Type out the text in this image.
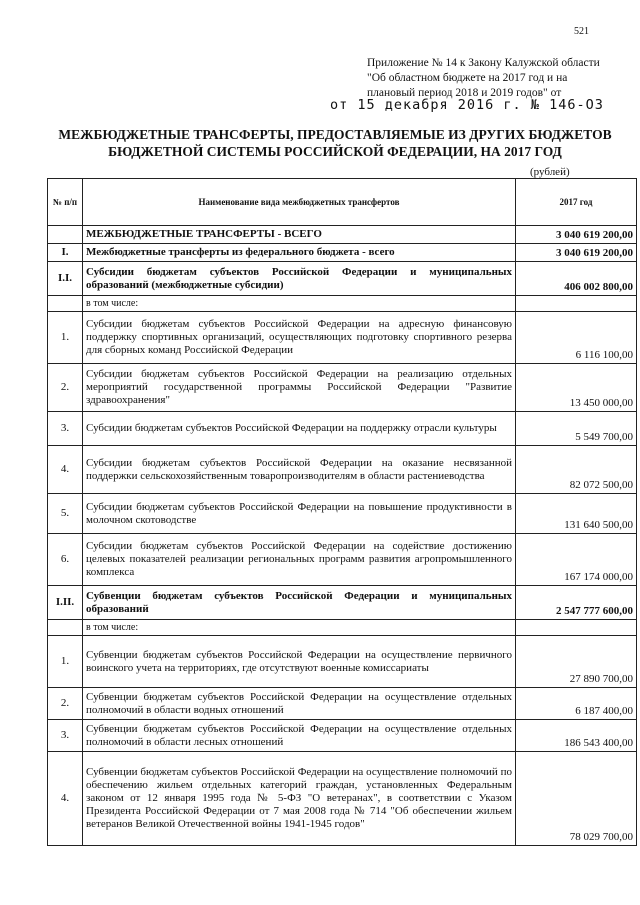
521
Приложение № 14 к Закону Калужской области
"Об областном бюджете на 2017 год и на
плановый период 2018 и 2019 годов" от
от 15 декабря 2016 г. № 146-ОЗ
МЕЖБЮДЖЕТНЫЕ ТРАНСФЕРТЫ, ПРЕДОСТАВЛЯЕМЫЕ ИЗ ДРУГИХ БЮДЖЕТОВ
БЮДЖЕТНОЙ СИСТЕМЫ РОССИЙСКОЙ ФЕДЕРАЦИИ, НА 2017 ГОД
(рублей)
№ п/п	Наименование вида межбюджетных трансфертов	2017 год
	МЕЖБЮДЖЕТНЫЕ ТРАНСФЕРТЫ - ВСЕГО	3 040 619 200,00
I.	Межбюджетные трансферты из федерального бюджета - всего	3 040 619 200,00
I.I.	Субсидии бюджетам субъектов Российской Федерации и муниципальных образований (межбюджетные субсидии)	406 002 800,00
	в том числе:	
1.	Субсидии бюджетам субъектов Российской Федерации на адресную финансовую поддержку спортивных организаций, осуществляющих подготовку спортивного резерва для сборных команд Российской Федерации	6 116 100,00
2.	Субсидии бюджетам субъектов Российской Федерации на реализацию отдельных мероприятий государственной программы Российской Федерации "Развитие здравоохранения"	13 450 000,00
3.	Субсидии бюджетам субъектов Российской Федерации на поддержку отрасли культуры	5 549 700,00
4.	Субсидии бюджетам субъектов Российской Федерации на оказание несвязанной поддержки сельскохозяйственным товаропроизводителям в области растениеводства	82 072 500,00
5.	Субсидии бюджетам субъектов Российской Федерации на повышение продуктивности в молочном скотоводстве	131 640 500,00
6.	Субсидии бюджетам субъектов Российской Федерации на содействие достижению целевых показателей реализации региональных программ развития агропромышленного комплекса	167 174 000,00
I.II.	Субвенции бюджетам субъектов Российской Федерации и муниципальных образований	2 547 777 600,00
	в том числе:	
1.	Субвенции бюджетам субъектов Российской Федерации на осуществление первичного воинского учета на территориях, где отсутствуют военные комиссариаты	27 890 700,00
2.	Субвенции бюджетам субъектов Российской Федерации на осуществление отдельных полномочий в области водных отношений	6 187 400,00
3.	Субвенции бюджетам субъектов Российской Федерации на осуществление отдельных полномочий в области лесных отношений	186 543 400,00
4.	Субвенции бюджетам субъектов Российской Федерации на осуществление полномочий по обеспечению жильем отдельных категорий граждан, установленных Федеральным законом от 12 января 1995 года № 5-ФЗ "О ветеранах", в соответствии с Указом Президента Российской Федерации от 7 мая 2008 года № 714 "Об обеспечении жильем ветеранов Великой Отечественной войны 1941-1945 годов"	78 029 700,00
